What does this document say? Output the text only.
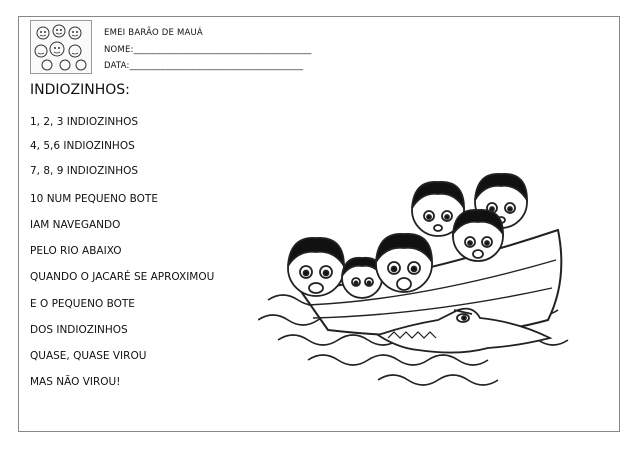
EMEI BARÃO DE MAUÁ
NOME:________________________________________
DATA:_______________________________________
INDIOZINHOS:
1, 2, 3 INDIOZINHOS
4, 5,6 INDIOZINHOS
7, 8, 9 INDIOZINHOS
10 NUM PEQUENO BOTE
IAM NAVEGANDO
PELO RIO ABAIXO
QUANDO O JACARÉ SE APROXIMOU
E O PEQUENO BOTE
DOS INDIOZINHOS
QUASE, QUASE VIROU
MAS NÃO VIROU!
